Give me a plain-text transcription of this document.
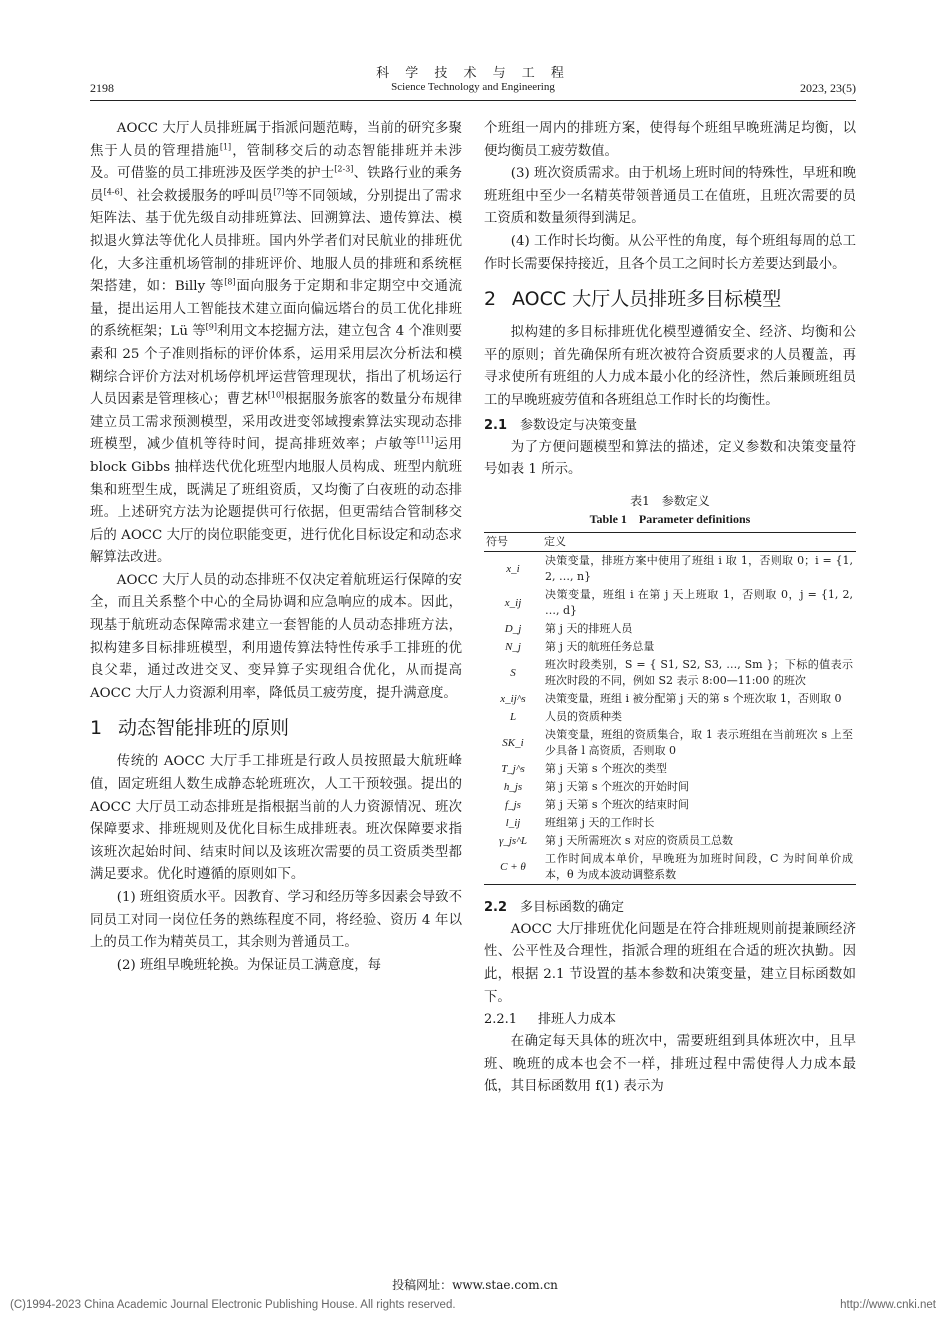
科 学 技 术 与 工 程
2198	Science Technology and Engineering	2023, 23(5)

AOCC 大厅人员排班属于指派问题范畴，当前的研究多聚焦于人员的管理措施[1]，管制移交后的动态智能排班并未涉及。可借鉴的员工排班涉及医学类的护士[2-3]、铁路行业的乘务员[4-6]、社会救援服务的呼叫员[7]等不同领域，分别提出了需求矩阵法、基于优先级自动排班算法、回溯算法、遗传算法、模拟退火算法等优化人员排班。国内外学者们对民航业的排班优化，大多注重机场管制的排班评价、地服人员的排班和系统框架搭建，如：Billy 等[8]面向服务于定期和非定期空中交通流量，提出运用人工智能技术建立面向偏远塔台的员工优化排班的系统框架；Lü 等[9]利用文本挖掘方法，建立包含 4 个准则要素和 25 个子准则指标的评价体系，运用采用层次分析法和模糊综合评价方法对机场停机坪运营管理现状，指出了机场运行人员因素是管理核心；曹艺林[10]根据服务旅客的数量分布规律建立员工需求预测模型，采用改进变邻域搜索算法实现动态排班模型，减少值机等待时间，提高排班效率；卢敏等[11]运用 block Gibbs 抽样迭代优化班型内地服人员构成、班型内航班集和班型生成，既满足了班组资质，又均衡了白夜班的动态排班。上述研究方法为论题提供可行依据，但更需结合管制移交后的 AOCC 大厅的岗位职能变更，进行优化目标设定和动态求解算法改进。

AOCC 大厅人员的动态排班不仅决定着航班运行保障的安全，而且关系整个中心的全局协调和应急响应的成本。因此，现基于航班动态保障需求建立一套智能的人员动态排班方法，拟构建多目标排班模型，利用遗传算法特性传承手工排班的优良父辈，通过改进交叉、变异算子实现组合优化，从而提高 AOCC 大厅人力资源利用率，降低员工疲劳度，提升满意度。

1 动态智能排班的原则

传统的 AOCC 大厅手工排班是行政人员按照最大航班峰值，固定班组人数生成静态轮班班次，人工干预较强。提出的 AOCC 大厅员工动态排班是指根据当前的人力资源情况、班次保障要求、排班规则及优化目标生成排班表。班次保障要求指该班次起始时间、结束时间以及该班次需要的员工资质类型都满足要求。优化时遵循的原则如下。

(1) 班组资质水平。因教育、学习和经历等多因素会导致不同员工对同一岗位任务的熟练程度不同，将经验、资历 4 年以上的员工作为精英员工，其余则为普通员工。

(2) 班组早晚班轮换。为保证员工满意度，每

个班组一周内的排班方案，使得每个班组早晚班满足均衡，以便均衡员工疲劳数值。

(3) 班次资质需求。由于机场上班时间的特殊性，早班和晚班班组中至少一名精英带领普通员工在值班，且班次需要的员工资质和数量须得到满足。

(4) 工作时长均衡。从公平性的角度，每个班组每周的总工作时长需要保持接近，且各个员工之间时长方差要达到最小。

2 AOCC 大厅人员排班多目标模型

拟构建的多目标排班优化模型遵循安全、经济、均衡和公平的原则；首先确保所有班次被符合资质要求的人员覆盖，再寻求使所有班组的人力成本最小化的经济性，然后兼顾班组员工的早晚班疲劳值和各班组总工作时长的均衡性。

2.1 参数设定与决策变量

为了方便问题模型和算法的描述，定义参数和决策变量符号如表 1 所示。

表1　参数定义
Table 1　Parameter definitions
符号	定义
x_i	决策变量，排班方案中使用了班组 i 取 1，否则取 0；i = {1, 2, …, n}
x_ij	决策变量，班组 i 在第 j 天上班取 1，否则取 0，j = {1, 2, …, d}
D_j	第 j 天的排班人员
N_j	第 j 天的航班任务总量
S	班次时段类别，S = { S1, S2, S3, …, Sm }；下标的值表示班次时段的不同，例如 S2 表示 8:00—11:00 的班次
x_ij^s	决策变量，班组 i 被分配第 j 天的第 s 个班次取 1，否则取 0
L	人员的资质种类
SK_i	决策变量，班组的资质集合，取 1 表示班组在当前班次 s 上至少具备 l 高资质，否则取 0
T_j^s	第 j 天第 s 个班次的类型
h_js	第 j 天第 s 个班次的开始时间
f_js	第 j 天第 s 个班次的结束时间
l_ij	班组第 j 天的工作时长
γ_js^L	第 j 天所需班次 s 对应的资质员工总数
C + θ	工作时间成本单价，早晚班为加班时间段，C 为时间单价成本，θ 为成本波动调整系数
2.2 多目标函数的确定

AOCC 大厅排班优化问题是在符合排班规则前提兼顾经济性、公平性及合理性，指派合理的班组在合适的班次执勤。因此，根据 2.1 节设置的基本参数和决策变量，建立目标函数如下。

2.2.1 排班人力成本

在确定每天具体的班次中，需要班组到具体班次中，且早班、晚班的成本也会不一样，排班过程中需使得人力成本最低，其目标函数用 f(1) 表示为

投稿网址：www.stae.com.cn
(C)1994-2023 China Academic Journal Electronic Publishing House. All rights reserved.	http://www.cnki.net
